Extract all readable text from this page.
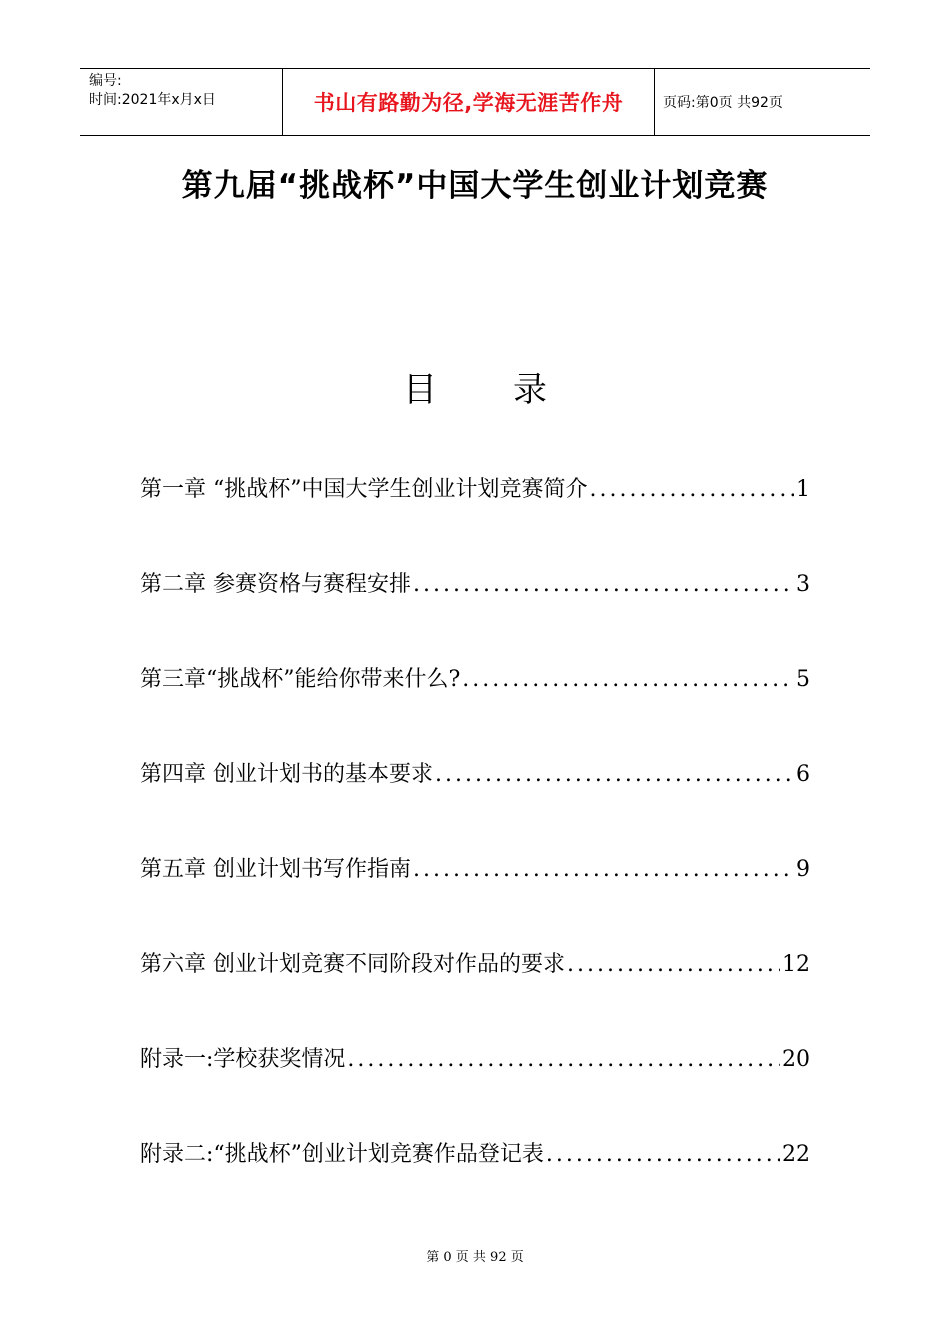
编号:
时间:2021年x月x日	书山有路勤为径,学海无涯苦作舟	页码:第0页 共92页
第九届“挑战杯”中国大学生创业计划竞赛
目 录
第一章 “挑战杯”中国大学生创业计划竞赛简介 .....	1
第二章 参赛资格与赛程安排 .....	3
第三章“挑战杯”能给你带来什么? .....	5
第四章 创业计划书的基本要求 .....	6
第五章 创业计划书写作指南 .....	9
第六章 创业计划竞赛不同阶段对作品的要求 .....	12
附录一:学校获奖情况 .....	20
附录二:“挑战杯”创业计划竞赛作品登记表 .....	22
第 0 页 共 92 页
